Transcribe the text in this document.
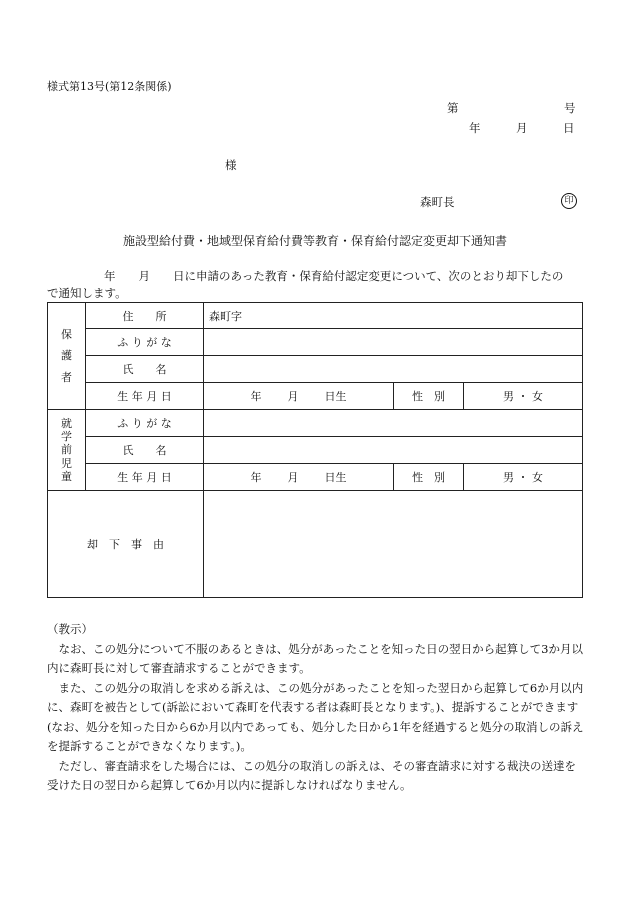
様式第13号(第12条関係)
第	号
年	月	日
様
森町長	印
施設型給付費・地域型保育給付費等教育・保育給付認定変更却下通知書
年　　月　　日に申請のあった教育・保育給付認定変更について、次のとおり却下したの
で通知します。
保
護
者	住　　所	森町字		
	ふ り が な			
	氏　　名			
	生 年 月 日	年 月 日生	性　別	男 ・ 女

就
学
前
児
童	ふ り が な			
	氏　　名			
	生 年 月 日	年 月 日生	性　別	男 ・ 女
却　下　事　由				

（教示）

なお、この処分について不服のあるときは、処分があったことを知った日の翌日から起算して3か月以内に森町長に対して審査請求することができます。

また、この処分の取消しを求める訴えは、この処分があったことを知った翌日から起算して6か月以内に、森町を被告として(訴訟において森町を代表する者は森町長となります。)、提訴することができます(なお、処分を知った日から6か月以内であっても、処分した日から1年を経過すると処分の取消しの訴えを提訴することができなくなります。)。

ただし、審査請求をした場合には、この処分の取消しの訴えは、その審査請求に対する裁決の送達を受けた日の翌日から起算して6か月以内に提訴しなければなりません。
